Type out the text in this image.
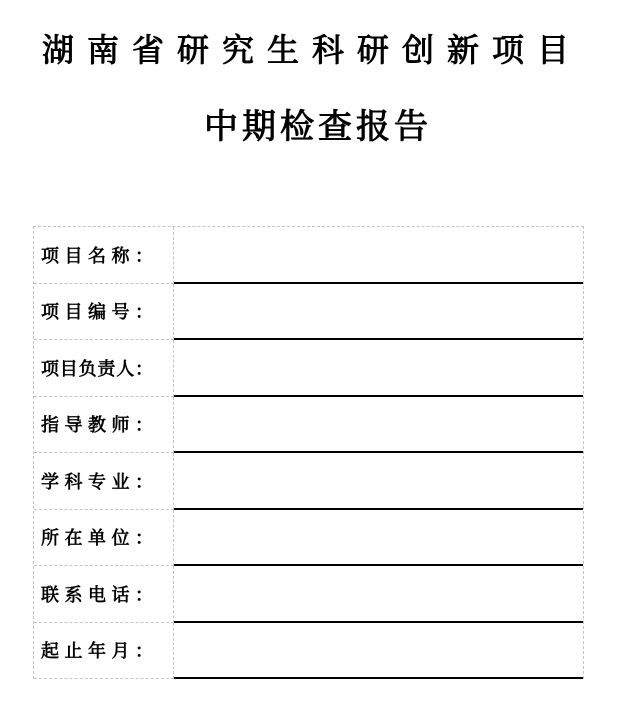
湖南省研究生科研创新项目
中期检查报告
项目名称：
项目编号：
项目负责人：
指导教师：
学科专业：
所在单位：
联系电话：
起止年月：
